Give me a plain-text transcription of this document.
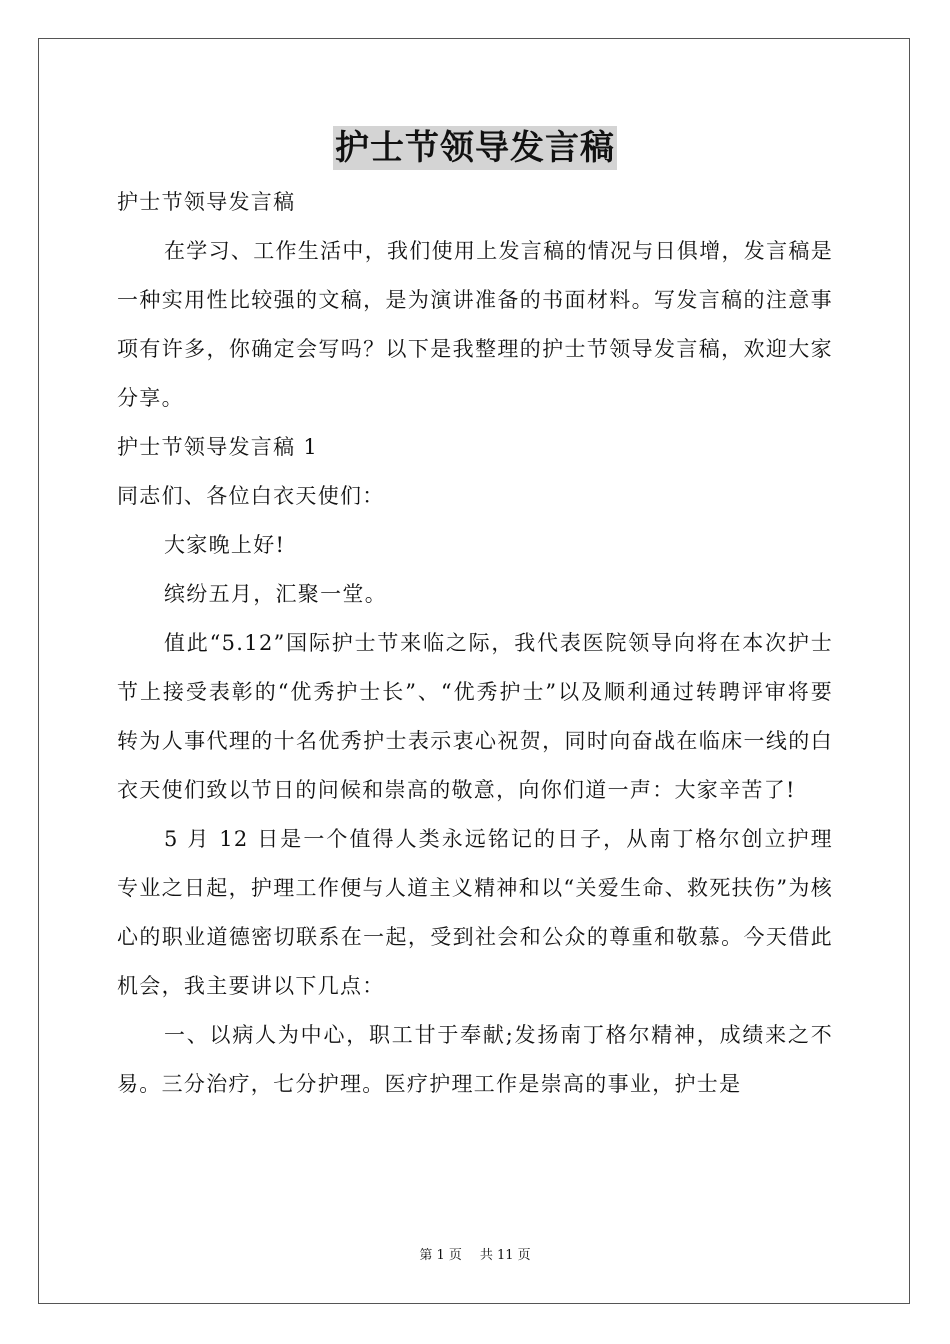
护士节领导发言稿

护士节领导发言稿

在学习、工作生活中，我们使用上发言稿的情况与日俱增，发言稿是一种实用性比较强的文稿，是为演讲准备的书面材料。写发言稿的注意事项有许多，你确定会写吗？以下是我整理的护士节领导发言稿，欢迎大家分享。

护士节领导发言稿 1

同志们、各位白衣天使们：

大家晚上好!

缤纷五月，汇聚一堂。

值此“5.12”国际护士节来临之际，我代表医院领导向将在本次护士节上接受表彰的“优秀护士长”、“优秀护士”以及顺利通过转聘评审将要转为人事代理的十名优秀护士表示衷心祝贺，同时向奋战在临床一线的白衣天使们致以节日的问候和崇高的敬意，向你们道一声：大家辛苦了!

5 月 12 日是一个值得人类永远铭记的日子，从南丁格尔创立护理专业之日起，护理工作便与人道主义精神和以“关爱生命、救死扶伤”为核心的职业道德密切联系在一起，受到社会和公众的尊重和敬慕。今天借此机会，我主要讲以下几点：

一、以病人为中心，职工甘于奉献;发扬南丁格尔精神，成绩来之不易。三分治疗，七分护理。医疗护理工作是崇高的事业，护士是

第 1 页 共 11 页
